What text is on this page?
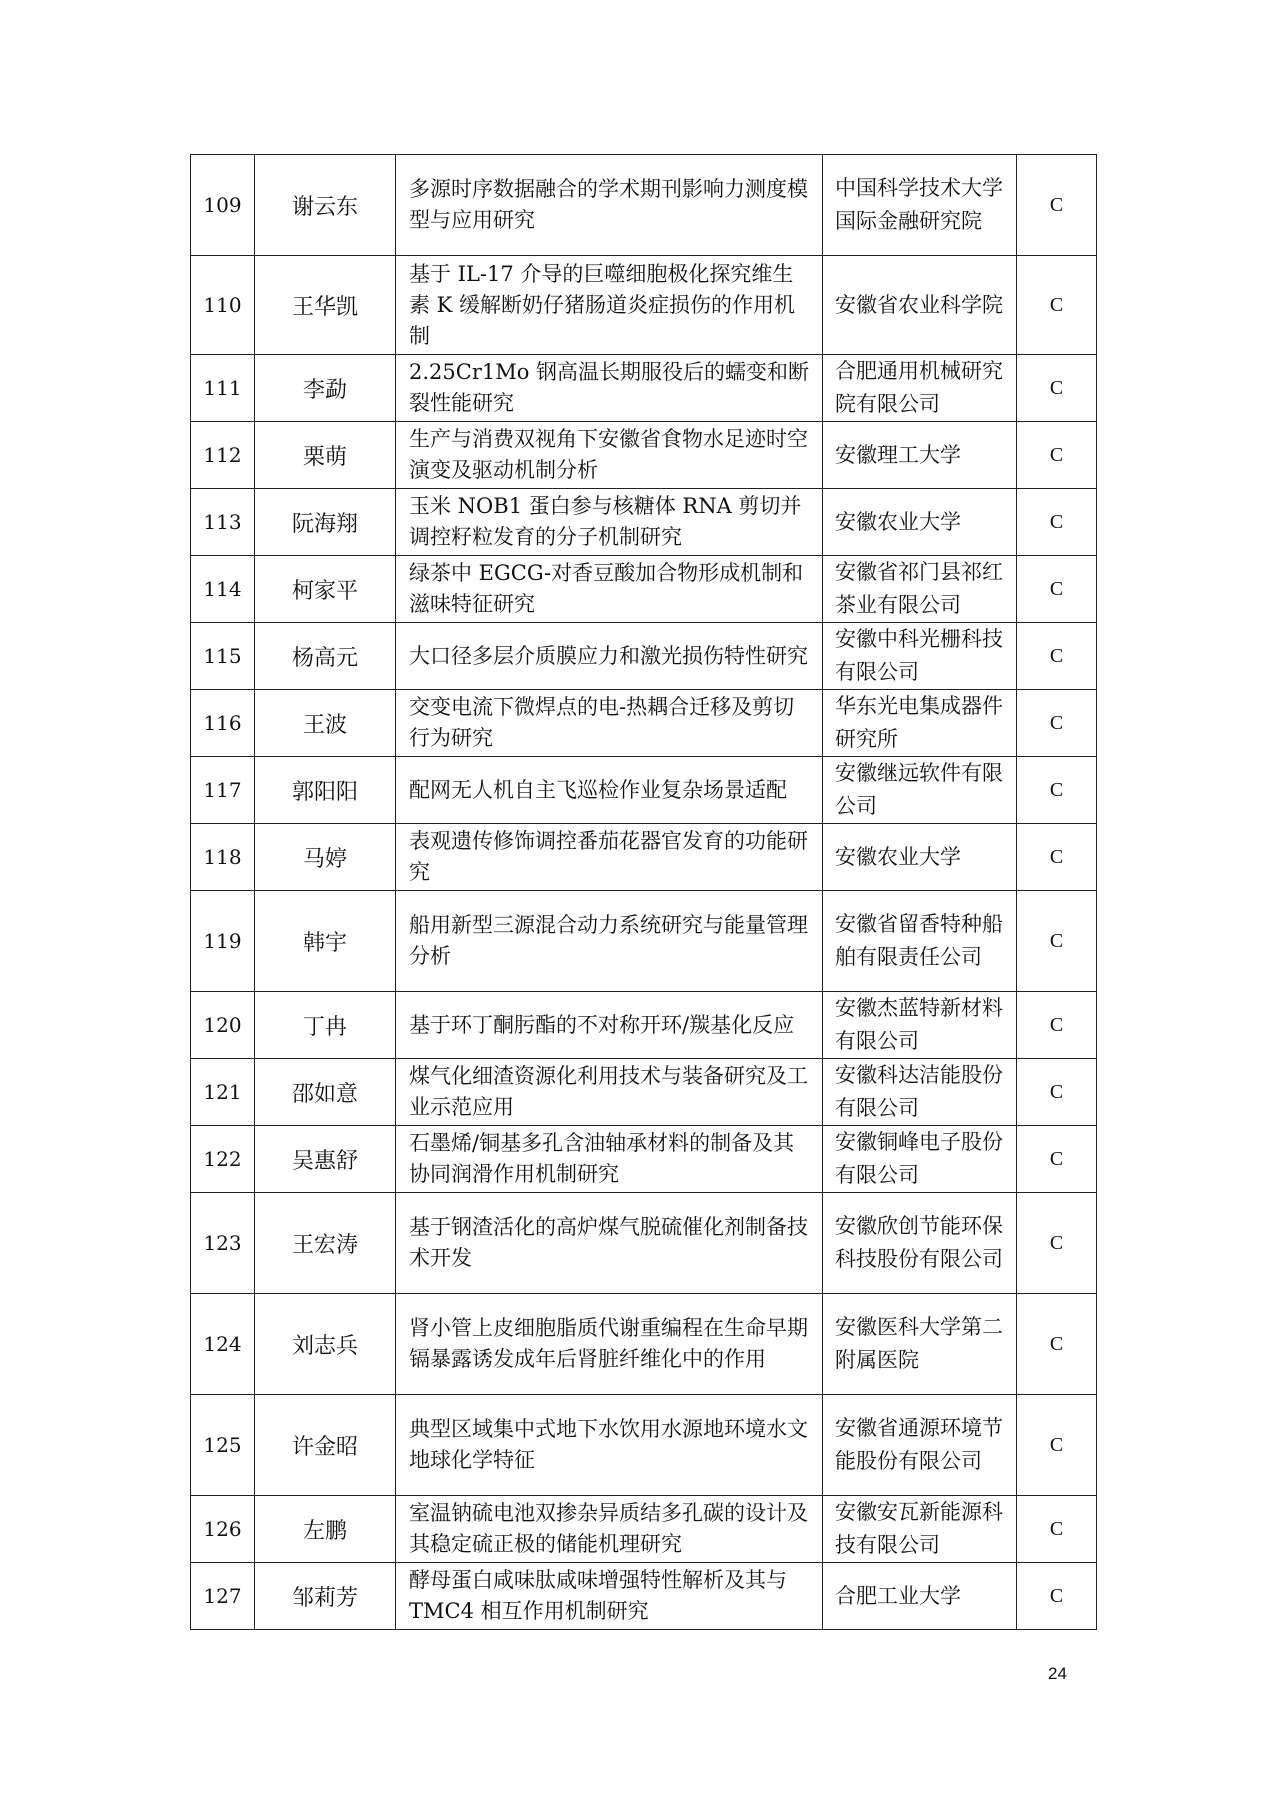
109	谢云东	多源时序数据融合的学术期刊影响力测度模型与应用研究	中国科学技术大学国际金融研究院	C
110	王华凯	基于 IL-17 介导的巨噬细胞极化探究维生素 K 缓解断奶仔猪肠道炎症损伤的作用机制	安徽省农业科学院	C
111	李勐	2.25Cr1Mo 钢高温长期服役后的蠕变和断裂性能研究	合肥通用机械研究院有限公司	C
112	栗萌	生产与消费双视角下安徽省食物水足迹时空演变及驱动机制分析	安徽理工大学	C
113	阮海翔	玉米 NOB1 蛋白参与核糖体 RNA 剪切并调控籽粒发育的分子机制研究	安徽农业大学	C
114	柯家平	绿茶中 EGCG-对香豆酸加合物形成机制和滋味特征研究	安徽省祁门县祁红茶业有限公司	C
115	杨高元	大口径多层介质膜应力和激光损伤特性研究	安徽中科光栅科技有限公司	C
116	王波	交变电流下微焊点的电-热耦合迁移及剪切行为研究	华东光电集成器件研究所	C
117	郭阳阳	配网无人机自主飞巡检作业复杂场景适配	安徽继远软件有限公司	C
118	马婷	表观遗传修饰调控番茄花器官发育的功能研究	安徽农业大学	C
119	韩宇	船用新型三源混合动力系统研究与能量管理分析	安徽省留香特种船舶有限责任公司	C
120	丁冉	基于环丁酮肟酯的不对称开环/羰基化反应	安徽杰蓝特新材料有限公司	C
121	邵如意	煤气化细渣资源化利用技术与装备研究及工业示范应用	安徽科达洁能股份有限公司	C
122	吴惠舒	石墨烯/铜基多孔含油轴承材料的制备及其协同润滑作用机制研究	安徽铜峰电子股份有限公司	C
123	王宏涛	基于钢渣活化的高炉煤气脱硫催化剂制备技术开发	安徽欣创节能环保科技股份有限公司	C
124	刘志兵	肾小管上皮细胞脂质代谢重编程在生命早期镉暴露诱发成年后肾脏纤维化中的作用	安徽医科大学第二附属医院	C
125	许金昭	典型区域集中式地下水饮用水源地环境水文地球化学特征	安徽省通源环境节能股份有限公司	C
126	左鹏	室温钠硫电池双掺杂异质结多孔碳的设计及其稳定硫正极的储能机理研究	安徽安瓦新能源科技有限公司	C
127	邹莉芳	酵母蛋白咸味肽咸味增强特性解析及其与 TMC4 相互作用机制研究	合肥工业大学	C
24
